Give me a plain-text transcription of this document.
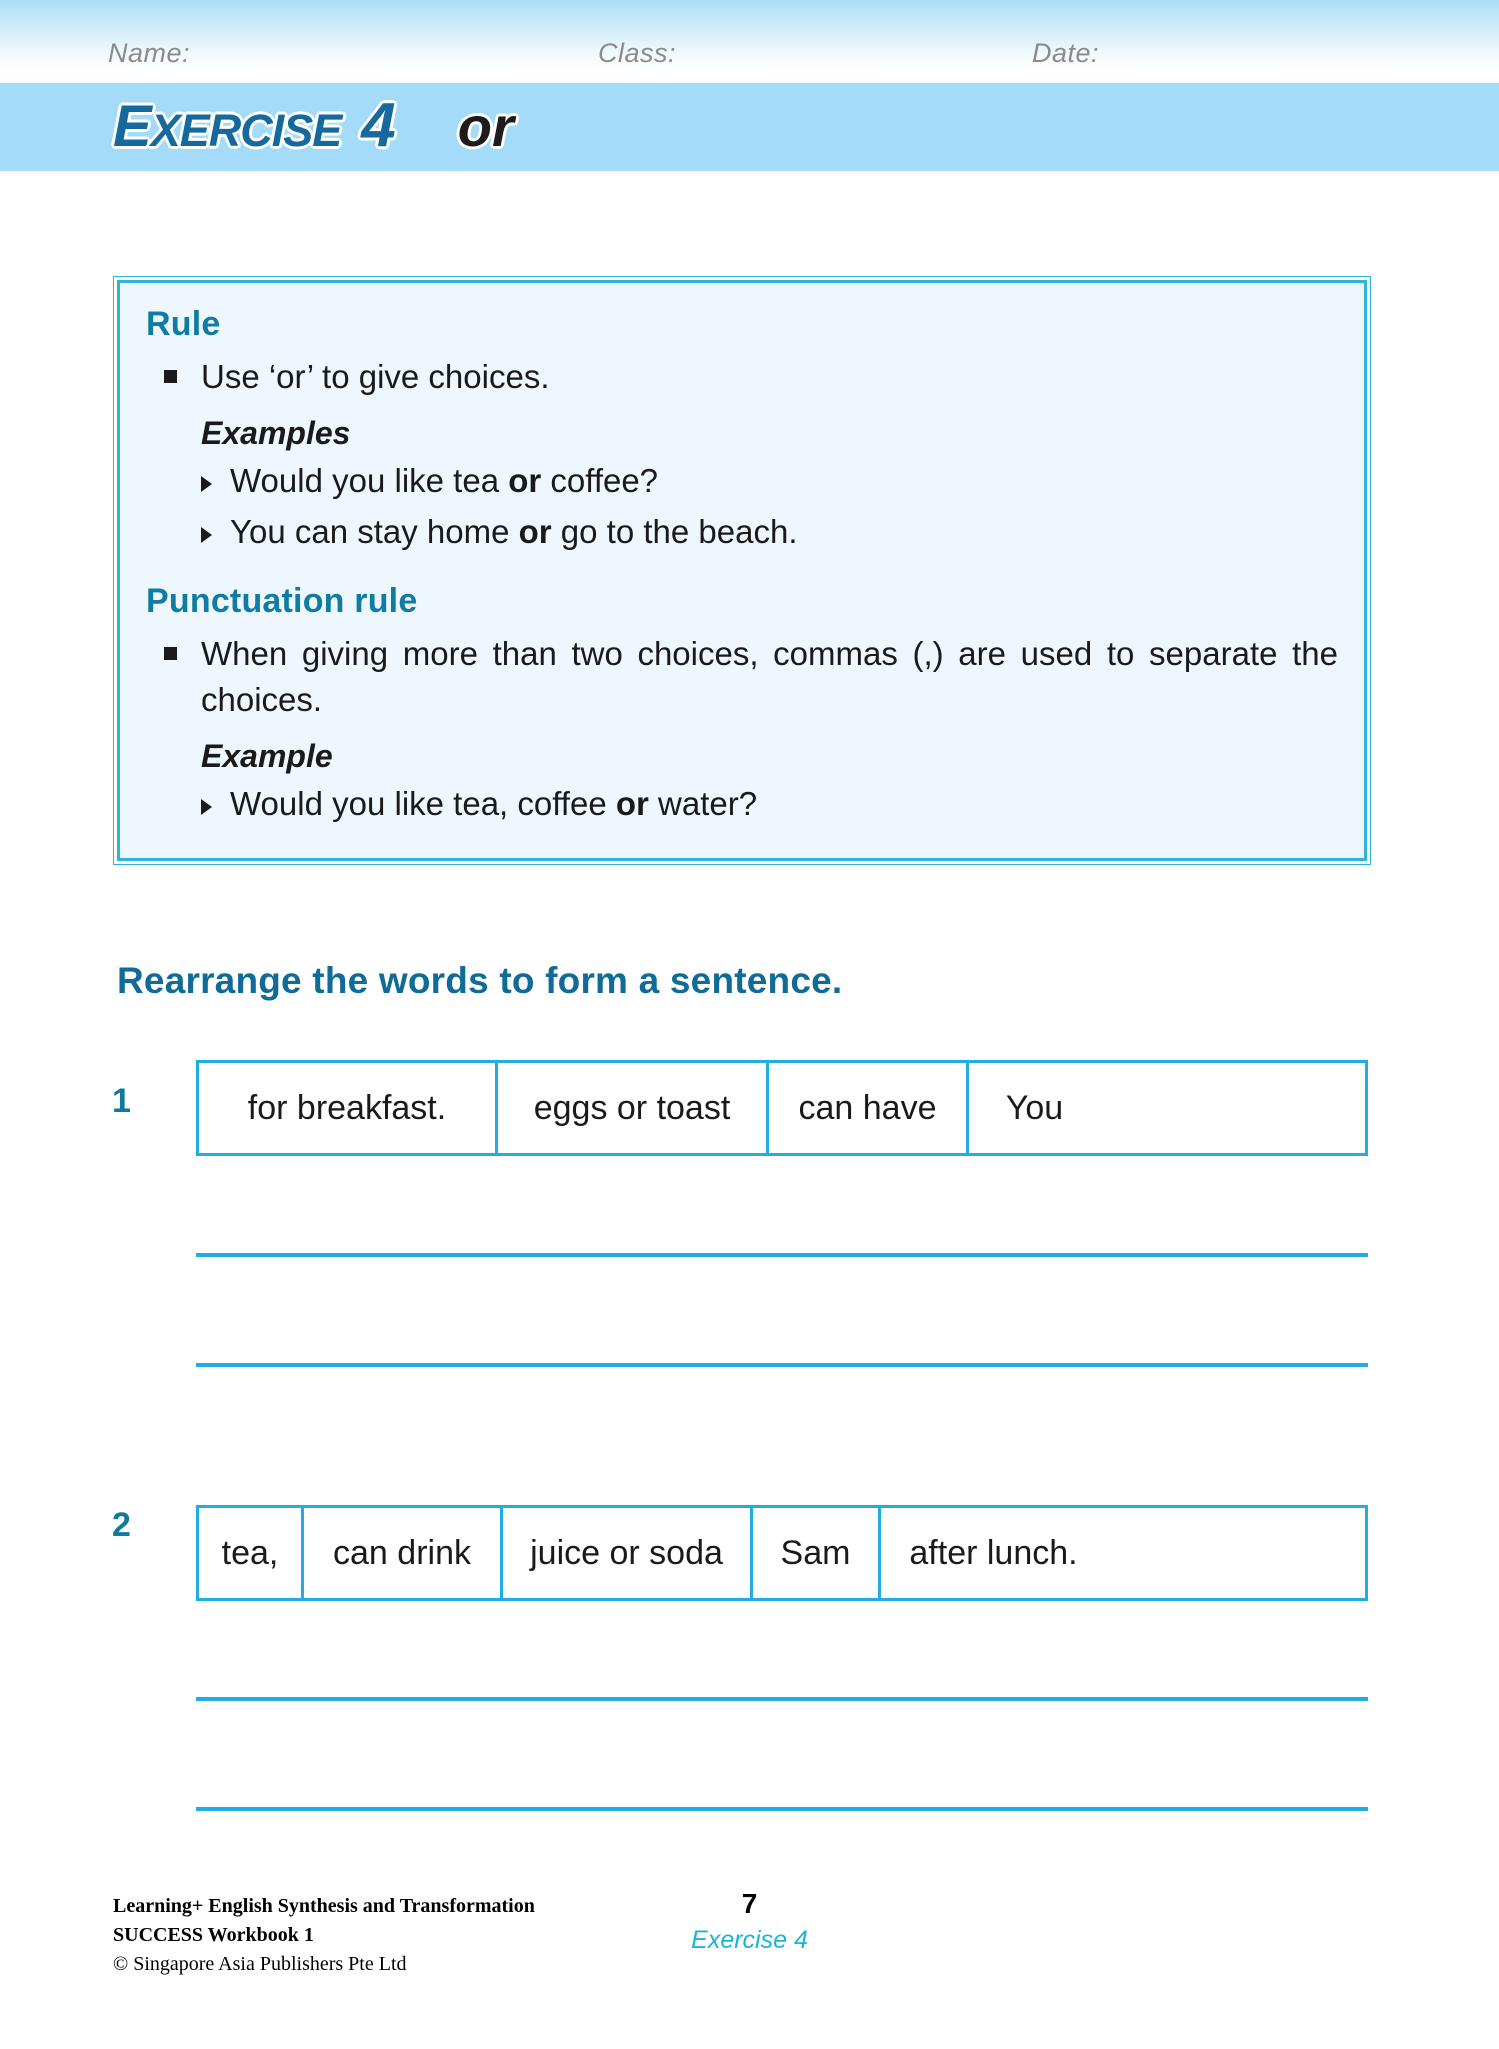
Name:	Class:	Date:
E XERCISE 4 or
Rule
Use ‘or’ to give choices.
Examples
Would you like tea or coffee?
You can stay home or go to the beach.
Punctuation rule
When giving more than two choices, commas (,) are used to separate the choices.
Example
Would you like tea, coffee or water?
Rearrange the words to form a sentence.
1	for breakfast.	eggs or toast	can have	You
2
tea,	can drink	juice or soda	Sam	after lunch.
Learning+ English Synthesis and Transformation
SUCCESS Workbook 1
© Singapore Asia Publishers Pte Ltd
7
Exercise 4
